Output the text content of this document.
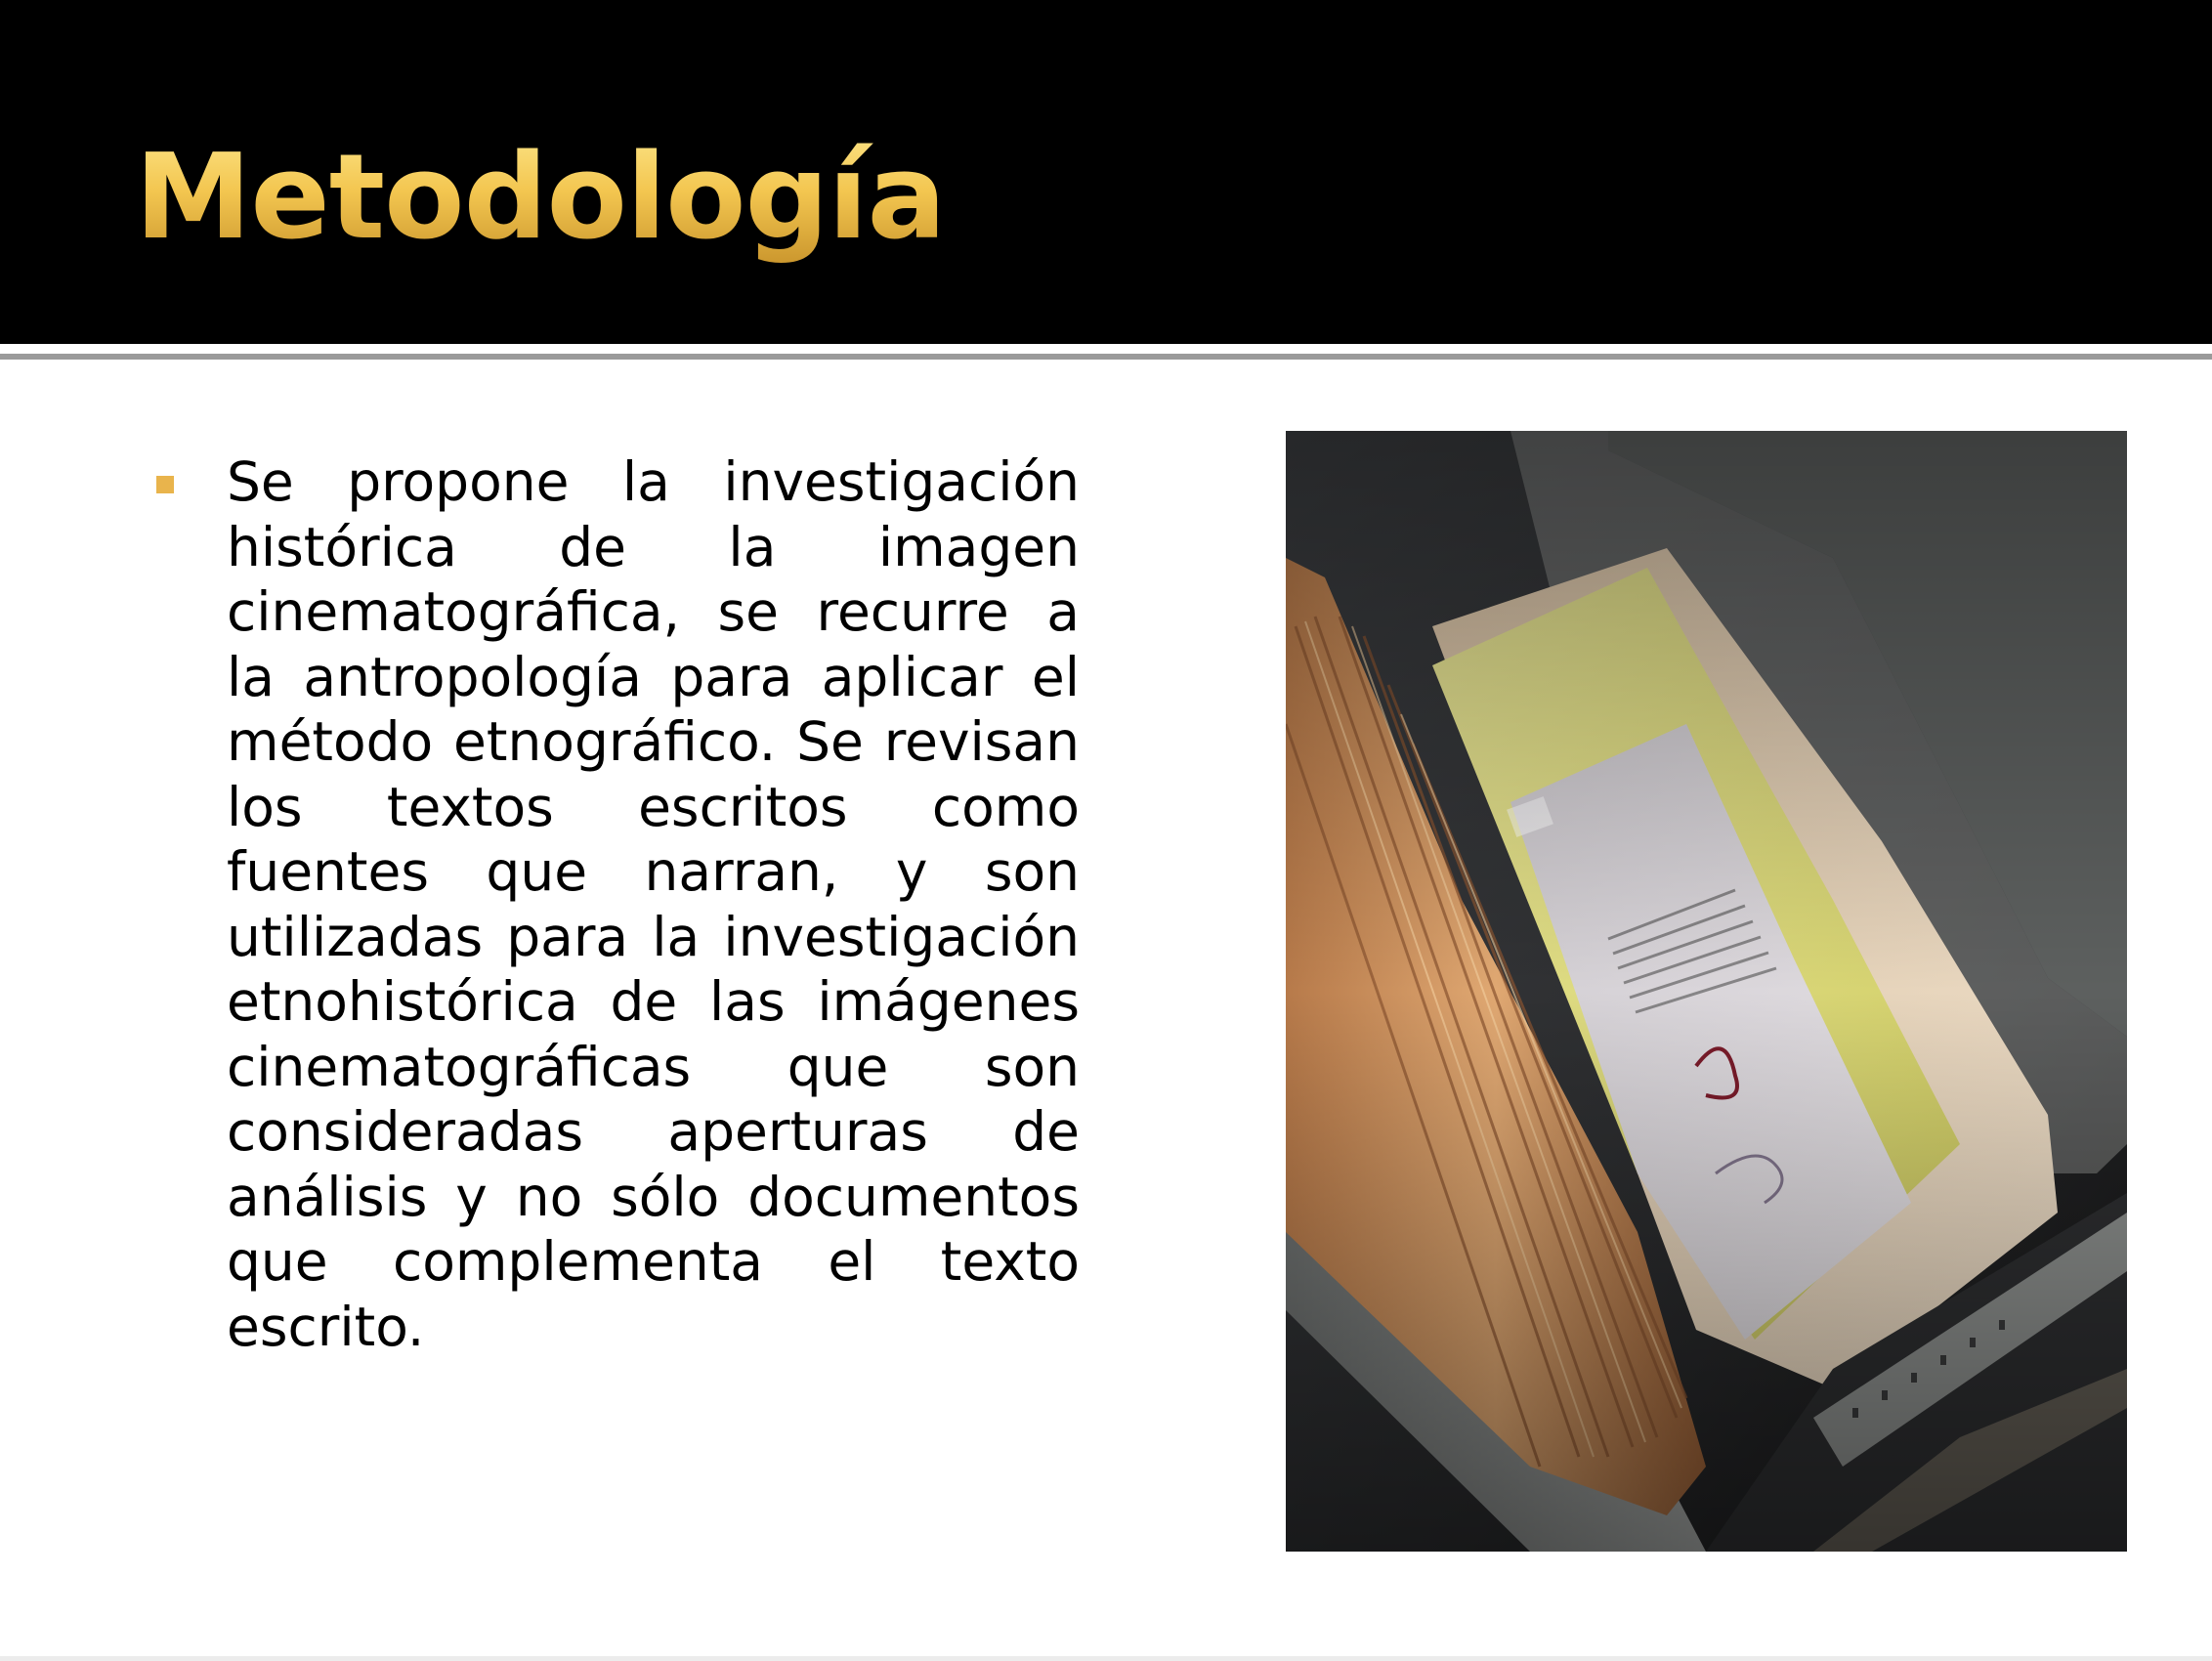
Metodología

Se propone la investigación histórica de la imagen cinematográfica, se recurre a la antropología para aplicar el método etnográfico. Se revisan los textos escritos como fuentes que narran, y son utilizadas para la investigación etnohistórica de las imágenes cinematográficas que son consideradas aperturas de análisis y no sólo documentos que complementa el texto escrito.
